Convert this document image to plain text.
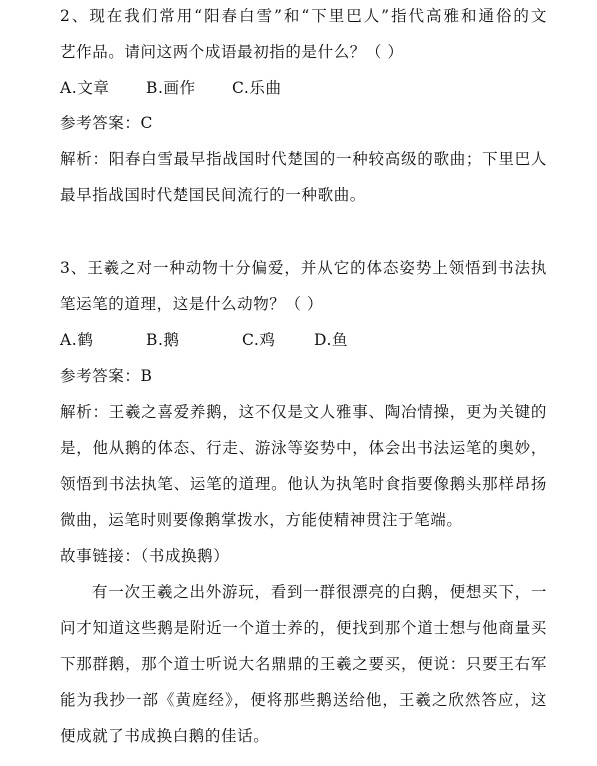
2、现在我们常用“阳春白雪”和“下里巴人”指代高雅和通俗的文
艺作品。请问这两个成语最初指的是什么？（ ）
A.文章	B.画作	C.乐曲
参考答案：C
解析：阳春白雪最早指战国时代楚国的一种较高级的歌曲；下里巴人
最早指战国时代楚国民间流行的一种歌曲。
3、王羲之对一种动物十分偏爱，并从它的体态姿势上领悟到书法执
笔运笔的道理，这是什么动物？（ ）
A.鹤	B.鹅	C.鸡	D.鱼
参考答案：B
解析：王羲之喜爱养鹅，这不仅是文人雅事、陶冶情操，更为关键的
是，他从鹅的体态、行走、游泳等姿势中，体会出书法运笔的奥妙，
领悟到书法执笔、运笔的道理。他认为执笔时食指要像鹅头那样昂扬
微曲，运笔时则要像鹅掌拨水，方能使精神贯注于笔端。
故事链接：（书成换鹅）
有一次王羲之出外游玩，看到一群很漂亮的白鹅，便想买下，一
问才知道这些鹅是附近一个道士养的，便找到那个道士想与他商量买
下那群鹅，那个道士听说大名鼎鼎的王羲之要买，便说：只要王右军
能为我抄一部《黄庭经》，便将那些鹅送给他，王羲之欣然答应，这
便成就了书成换白鹅的佳话。
